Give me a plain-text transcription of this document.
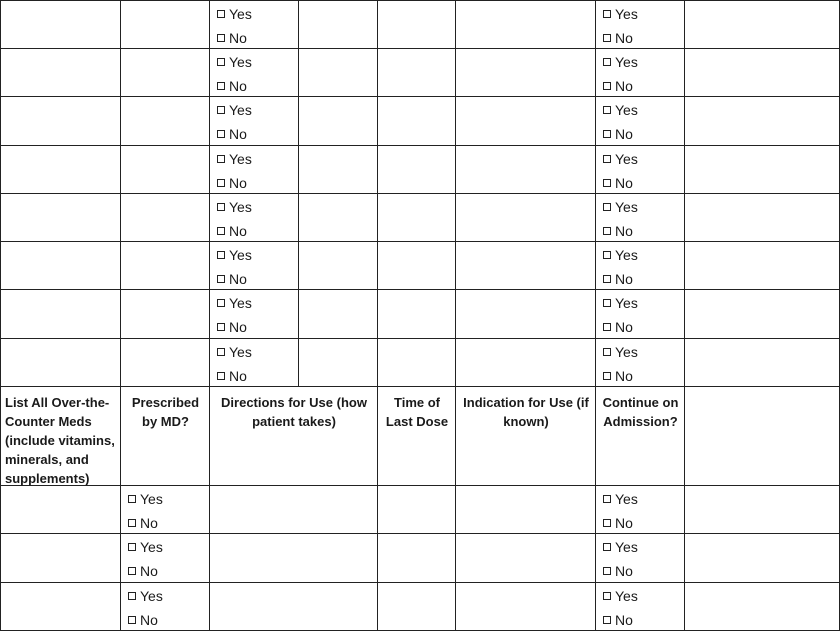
Yes
No
Yes
No
Yes
No
Yes
No
Yes
No
Yes
No
Yes
No
Yes
No
Yes
No
Yes
No
Yes
No
Yes
No
Yes
No
Yes
No
Yes
No
Yes
No
List All Over-the-Counter Meds (include vitamins, minerals, and supplements)
Prescribed by MD?
Directions for Use (how patient takes)
Time of Last Dose
Indication for Use (if known)
Continue on Admission?
Yes
No
Yes
No
Yes
No
Yes
No
Yes
No
Yes
No
